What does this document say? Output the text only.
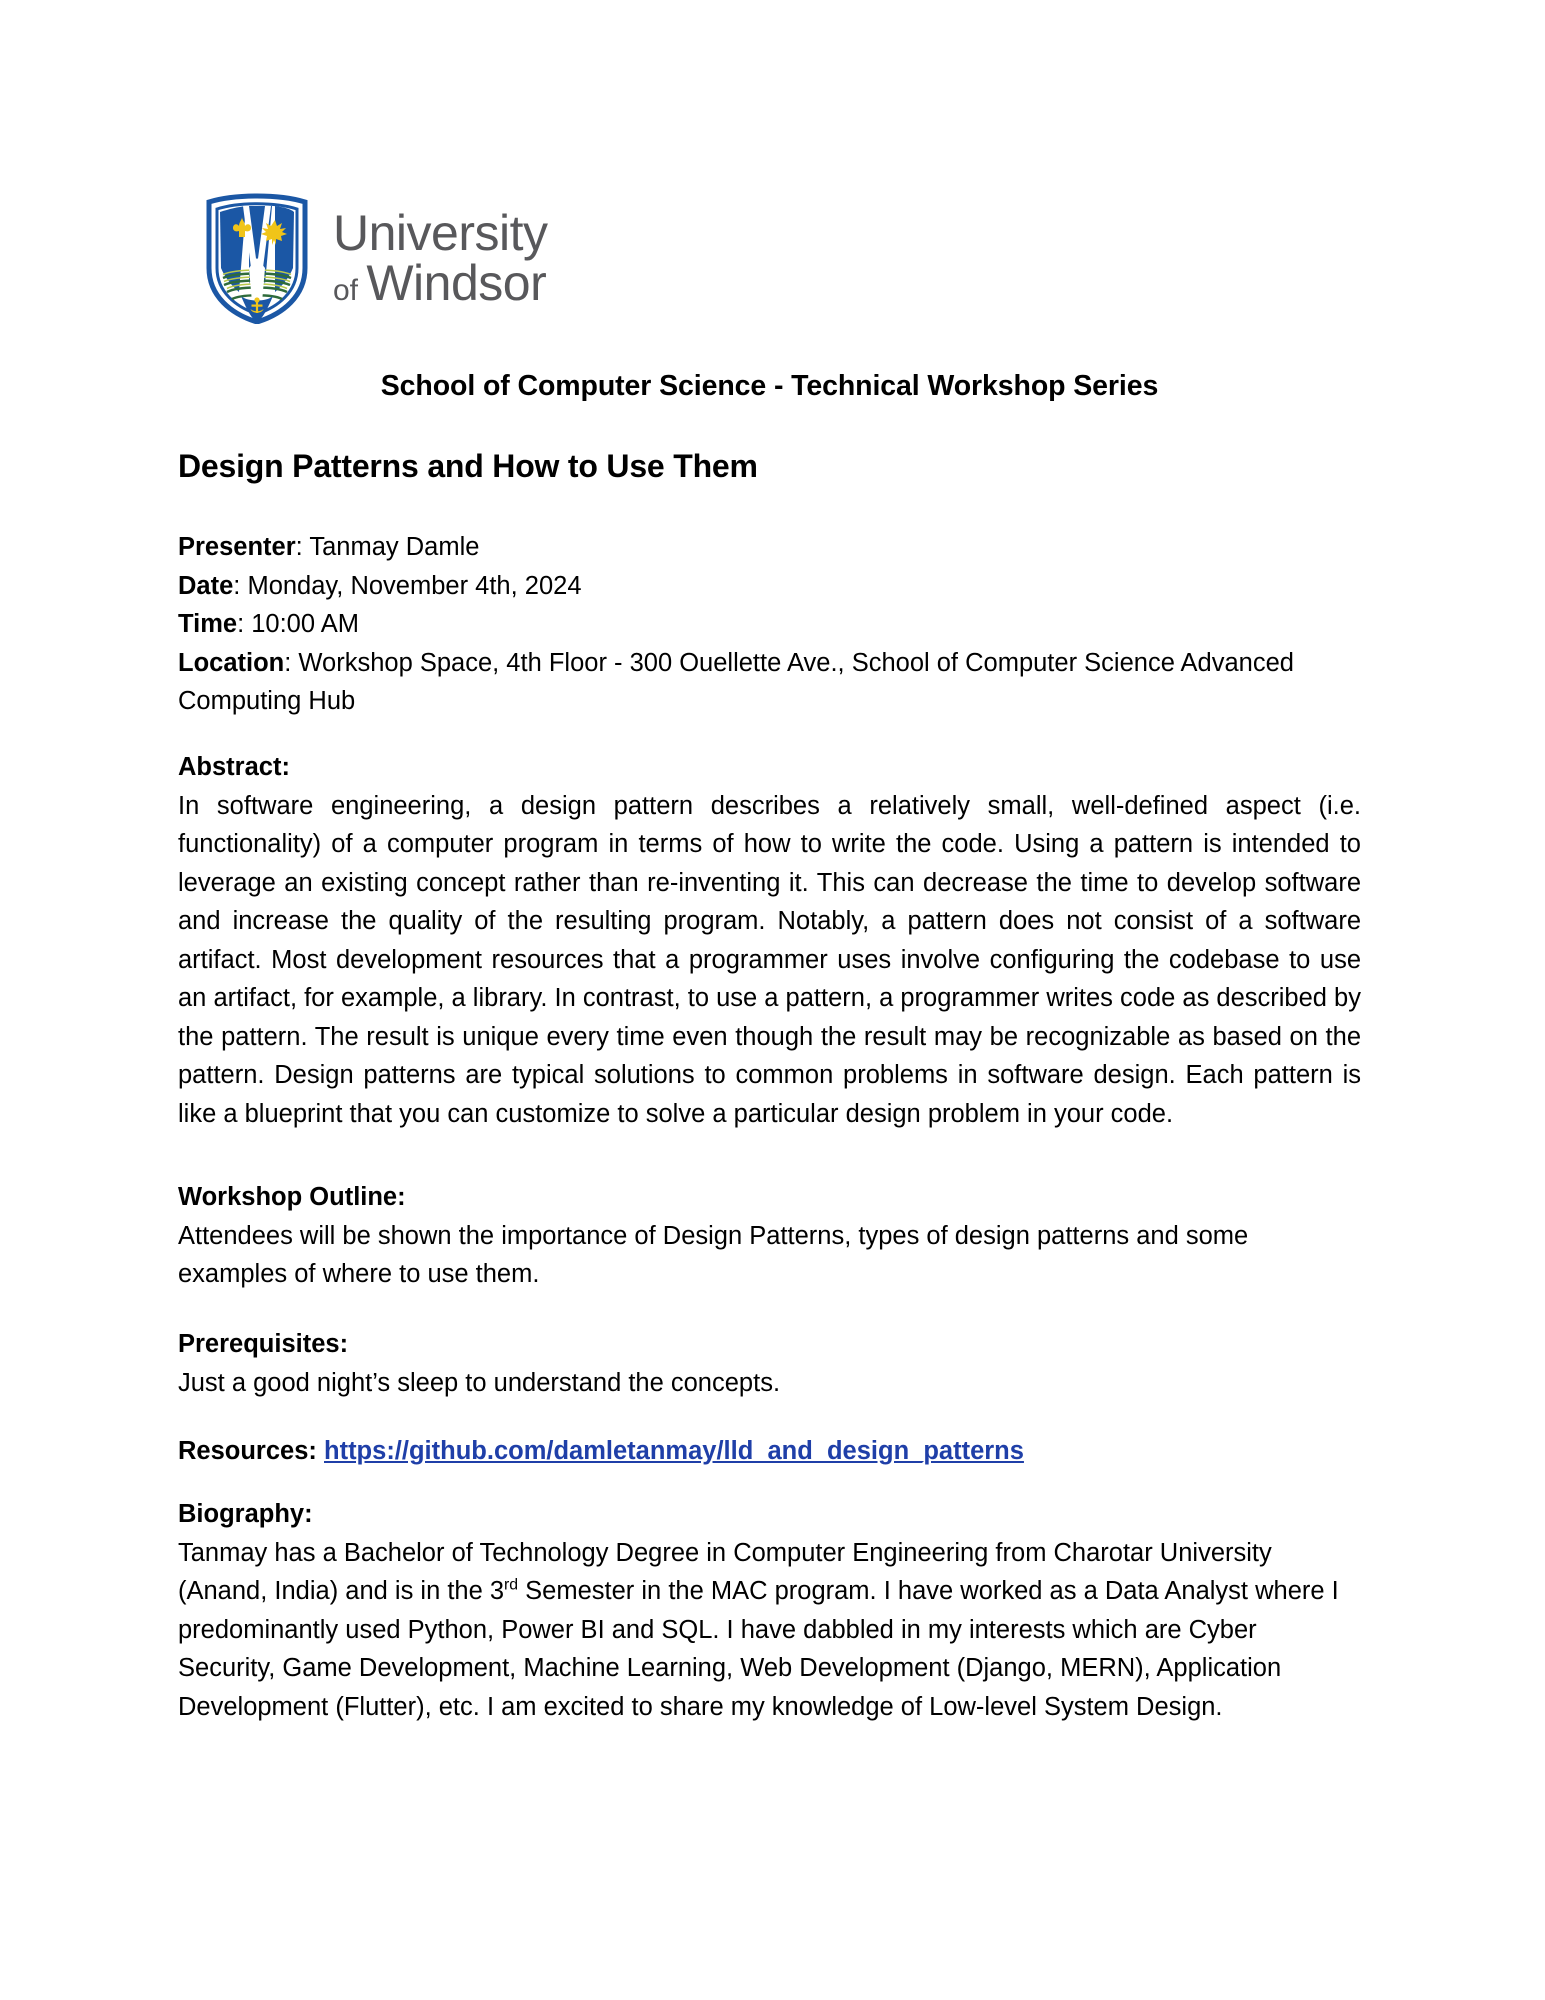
University
of Windsor
School of Computer Science - Technical Workshop Series
Design Patterns and How to Use Them
Presenter: Tanmay Damle
Date: Monday, November 4th, 2024
Time: 10:00 AM
Location: Workshop Space, 4th Floor - 300 Ouellette Ave., School of Computer Science Advanced Computing Hub
Abstract:

In software engineering, a design pattern describes a relatively small, well-defined aspect (i.e. functionality) of a computer program in terms of how to write the code. Using a pattern is intended to leverage an existing concept rather than re-inventing it. This can decrease the time to develop software and increase the quality of the resulting program. Notably, a pattern does not consist of a software artifact. Most development resources that a programmer uses involve configuring the codebase to use an artifact, for example, a library. In contrast, to use a pattern, a programmer writes code as described by the pattern. The result is unique every time even though the result may be recognizable as based on the pattern. Design patterns are typical solutions to common problems in software design. Each pattern is like a blueprint that you can customize to solve a particular design problem in your code.

Workshop Outline:

Attendees will be shown the importance of Design Patterns, types of design patterns and some examples of where to use them.

Prerequisites:

Just a good night’s sleep to understand the concepts.

Resources: https://github.com/damletanmay/lld_and_design_patterns
Biography:

Tanmay has a Bachelor of Technology Degree in Computer Engineering from Charotar University (Anand, India) and is in the 3rd Semester in the MAC program. I have worked as a Data Analyst where I predominantly used Python, Power BI and SQL. I have dabbled in my interests which are Cyber Security, Game Development, Machine Learning, Web Development (Django, MERN), Application Development (Flutter), etc. I am excited to share my knowledge of Low-level System Design.
